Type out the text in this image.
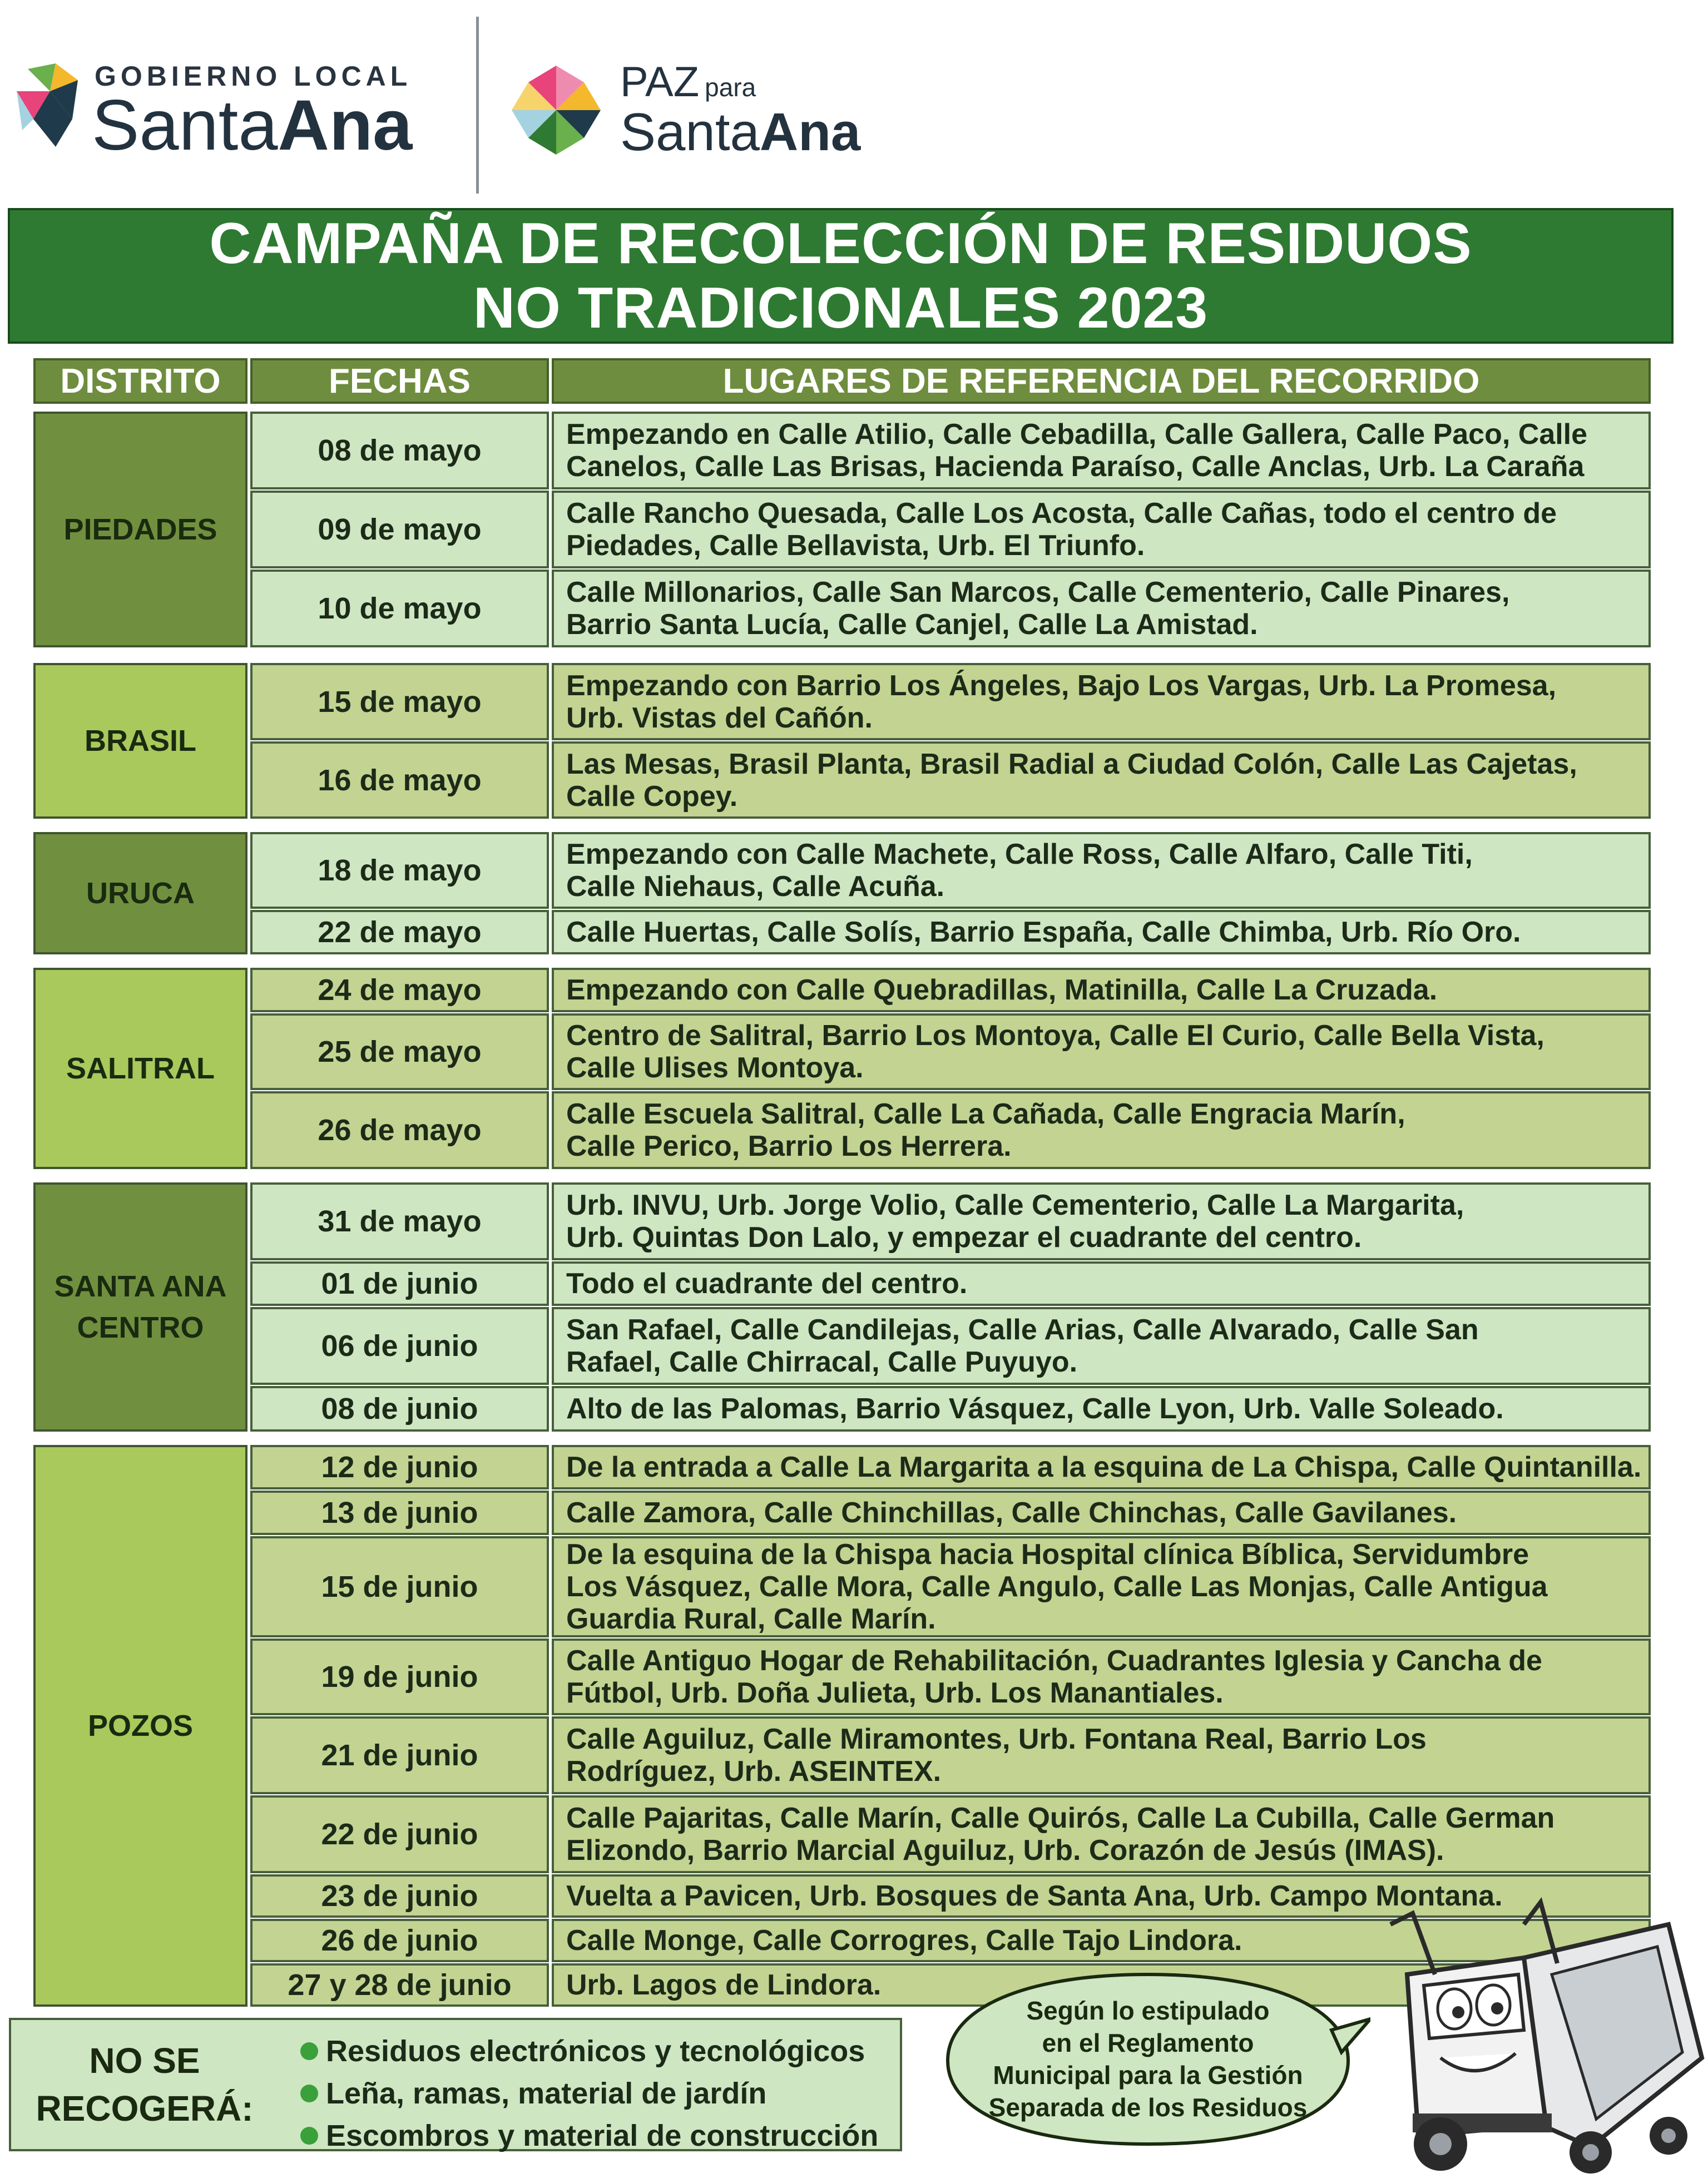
GOBIERNO LOCAL
SantaAna
PAZ para
SantaAna
CAMPAÑA DE RECOLECCIÓN DE RESIDUOS
NO TRADICIONALES 2023
DISTRITO	FECHAS	LUGARES DE REFERENCIA DEL RECORRIDO
PIEDADES
08 de mayo	Empezando en Calle Atilio, Calle Cebadilla, Calle Gallera, Calle Paco, Calle
Canelos, Calle Las Brisas, Hacienda Paraíso, Calle Anclas, Urb. La Caraña
09 de mayo	Calle Rancho Quesada, Calle Los Acosta, Calle Cañas, todo el centro de
Piedades, Calle Bellavista, Urb. El Triunfo.
10 de mayo	Calle Millonarios, Calle San Marcos, Calle Cementerio, Calle Pinares,
Barrio Santa Lucía, Calle Canjel, Calle La Amistad.
BRASIL
15 de mayo	Empezando con Barrio Los Ángeles, Bajo Los Vargas, Urb. La Promesa,
Urb. Vistas del Cañón.
16 de mayo	Las Mesas, Brasil Planta, Brasil Radial a Ciudad Colón, Calle Las Cajetas,
Calle Copey.
URUCA
18 de mayo	Empezando con Calle Machete, Calle Ross, Calle Alfaro, Calle Titi,
Calle Niehaus, Calle Acuña.
22 de mayo	Calle Huertas, Calle Solís, Barrio España, Calle Chimba, Urb. Río Oro.
SALITRAL
24 de mayo	Empezando con Calle Quebradillas, Matinilla, Calle La Cruzada.
25 de mayo	Centro de Salitral, Barrio Los Montoya, Calle El Curio, Calle Bella Vista,
Calle Ulises Montoya.
26 de mayo	Calle Escuela Salitral, Calle La Cañada, Calle Engracia Marín,
Calle Perico, Barrio Los Herrera.
SANTA ANA
CENTRO
31 de mayo	Urb. INVU, Urb. Jorge Volio, Calle Cementerio, Calle La Margarita,
Urb. Quintas Don Lalo, y empezar el cuadrante del centro.
01 de junio	Todo el cuadrante del centro.
06 de junio	San Rafael, Calle Candilejas, Calle Arias, Calle Alvarado, Calle San
Rafael, Calle Chirracal, Calle Puyuyo.
08 de junio	Alto de las Palomas, Barrio Vásquez, Calle Lyon, Urb. Valle Soleado.
POZOS
12 de junio	De la entrada a Calle La Margarita a la esquina de La Chispa, Calle Quintanilla.
13 de junio	Calle Zamora, Calle Chinchillas, Calle Chinchas, Calle Gavilanes.
15 de junio
De la esquina de la Chispa hacia Hospital clínica Bíblica, Servidumbre
Los Vásquez, Calle Mora, Calle Angulo, Calle Las Monjas, Calle Antigua
Guardia Rural, Calle Marín.
19 de junio	Calle Antiguo Hogar de Rehabilitación, Cuadrantes Iglesia y Cancha de
Fútbol, Urb. Doña Julieta, Urb. Los Manantiales.
21 de junio	Calle Aguiluz, Calle Miramontes, Urb. Fontana Real, Barrio Los
Rodríguez, Urb. ASEINTEX.
22 de junio	Calle Pajaritas, Calle Marín, Calle Quirós, Calle La Cubilla, Calle German
Elizondo, Barrio Marcial Aguiluz, Urb. Corazón de Jesús (IMAS).
23 de junio	Vuelta a Pavicen, Urb. Bosques de Santa Ana, Urb. Campo Montana.
26 de junio	Calle Monge, Calle Corrogres, Calle Tajo Lindora.
27 y 28 de junio	Urb. Lagos de Lindora.
NO SE
RECOGERÁ:
Residuos electrónicos y tecnológicos
Leña, ramas, material de jardín
Escombros y material de construcción
Según lo estipulado
en el Reglamento
Municipal para la Gestión
Separada de los Residuos
